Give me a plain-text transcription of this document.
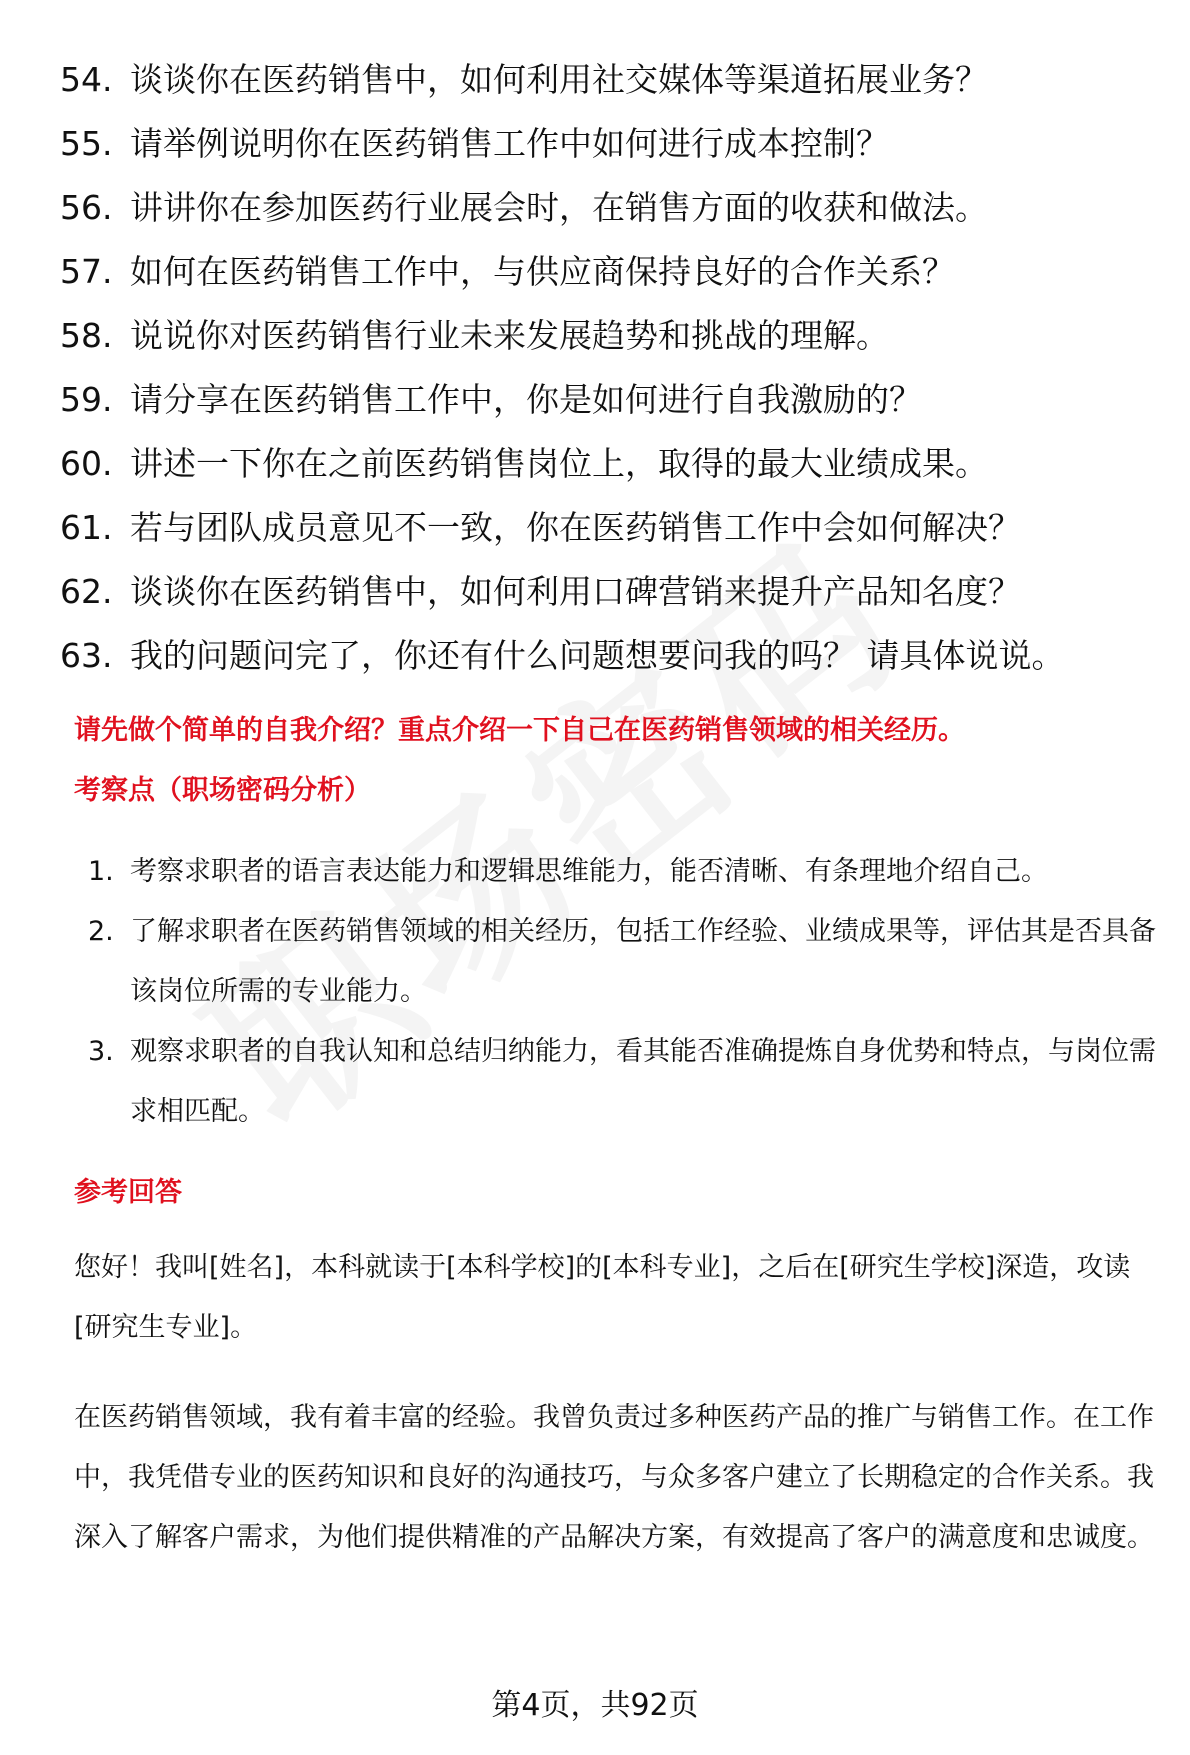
54. 谈谈你在医药销售中，如何利用社交媒体等渠道拓展业务？
55. 请举例说明你在医药销售工作中如何进行成本控制？
56. 讲讲你在参加医药行业展会时，在销售方面的收获和做法。
57. 如何在医药销售工作中，与供应商保持良好的合作关系？
58. 说说你对医药销售行业未来发展趋势和挑战的理解。
59. 请分享在医药销售工作中，你是如何进行自我激励的？
60. 讲述一下你在之前医药销售岗位上，取得的最大业绩成果。
61. 若与团队成员意见不一致，你在医药销售工作中会如何解决？
62. 谈谈你在医药销售中，如何利用口碑营销来提升产品知名度？
63. 我的问题问完了，你还有什么问题想要问我的吗？ 请具体说说。
请先做个简单的自我介绍？重点介绍一下自己在医药销售领域的相关经历。
考察点（职场密码分析）
1. 考察求职者的语言表达能力和逻辑思维能力，能否清晰、有条理地介绍自己。
2. 了解求职者在医药销售领域的相关经历，包括工作经验、业绩成果等，评估其是否具备该岗位所需的专业能力。
3. 观察求职者的自我认知和总结归纳能力，看其能否准确提炼自身优势和特点，与岗位需求相匹配。
参考回答

您好！我叫[姓名]，本科就读于[本科学校]的[本科专业]，之后在[研究生学校]深造，攻读[研究生专业]。

在医药销售领域，我有着丰富的经验。我曾负责过多种医药产品的推广与销售工作。在工作中，我凭借专业的医药知识和良好的沟通技巧，与众多客户建立了长期稳定的合作关系。我深入了解客户需求，为他们提供精准的产品解决方案，有效提高了客户的满意度和忠诚度。

第4页，共92页
